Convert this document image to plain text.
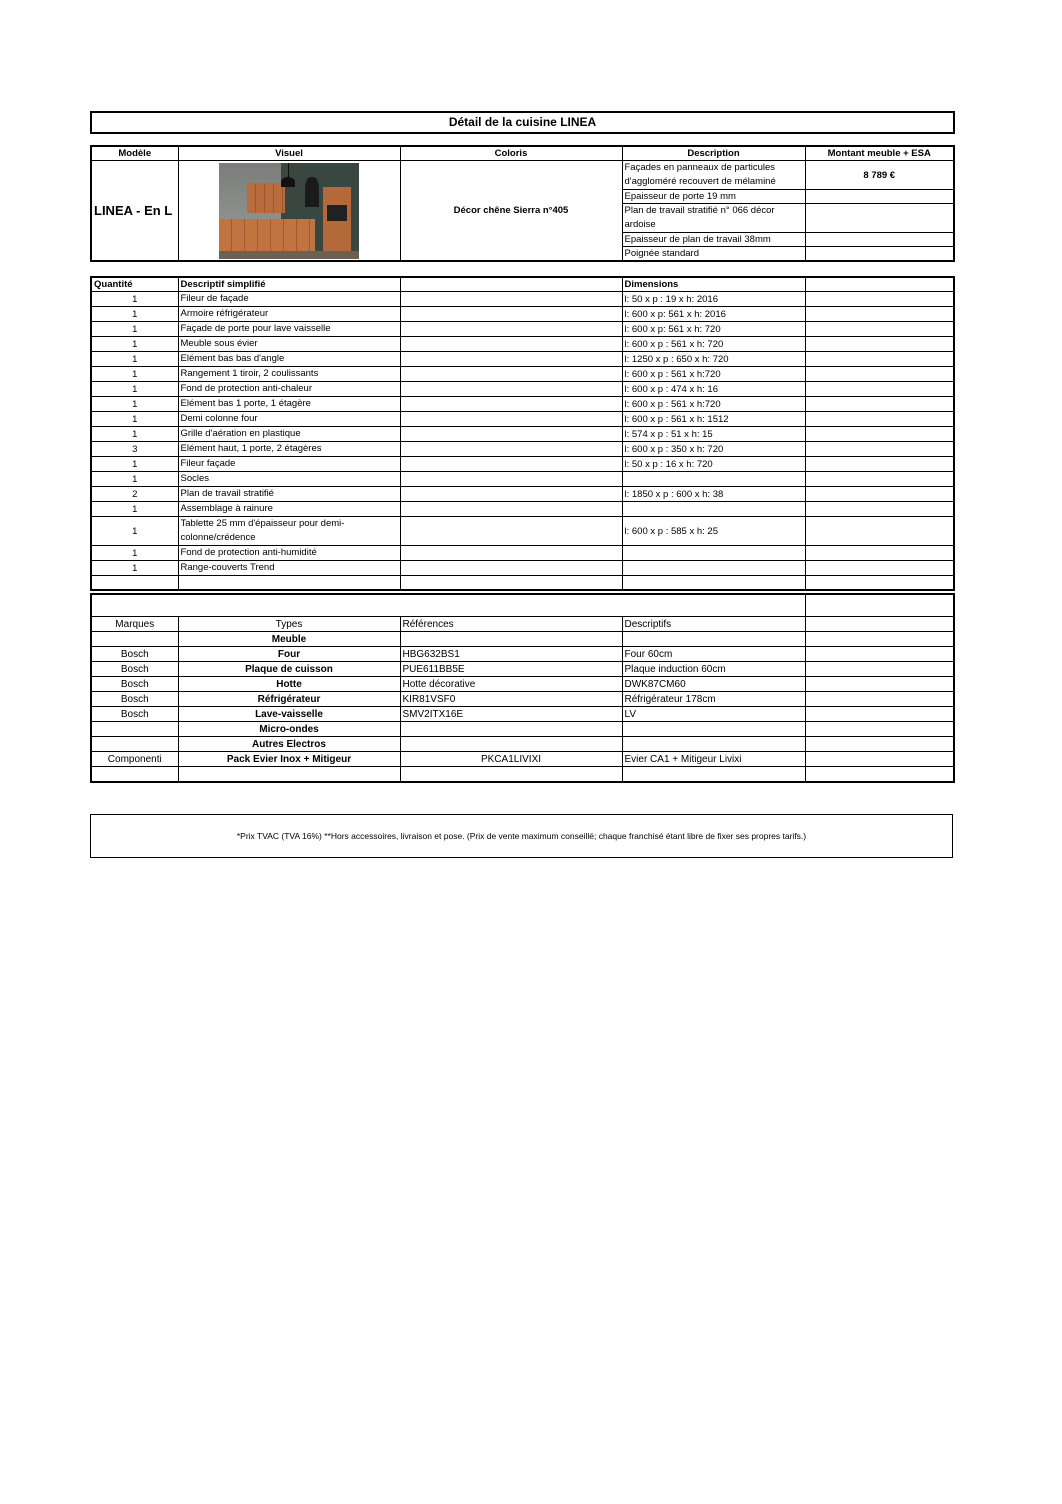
Détail de la cuisine LINEA
Modèle	Visuel	Coloris	Description	Montant meuble + ESA
LINEA - En L		Décor chêne Sierra n°405	Façades en panneaux de particules d'aggloméré recouvert de mélaminé	8 789 €
			Epaisseur de porte 19 mm	
			Plan de travail stratifié n° 066 décor ardoise	
			Epaisseur de plan de travail 38mm	
			Poignée standard	
Quantité	Descriptif simplifié		Dimensions	
1	Fileur de façade		l: 50 x p : 19 x h: 2016	
1	Armoire réfrigérateur		l: 600 x p: 561 x h: 2016	
1	Façade de porte pour lave vaisselle		l: 600 x p: 561 x h: 720	
1	Meuble sous évier		l: 600 x p : 561 x h: 720	
1	Elément bas bas d'angle		l: 1250 x p : 650 x h: 720	
1	Rangement 1 tiroir, 2 coulissants		l: 600 x p : 561 x h:720	
1	Fond de protection anti-chaleur		l: 600 x p : 474 x h: 16	
1	Elément bas 1 porte, 1 étagère		l: 600 x p : 561 x h:720	
1	Demi colonne four		l: 600 x p : 561 x h: 1512	
1	Grille d'aération en plastique		l: 574 x p : 51 x h: 15	
3	Elément haut, 1 porte, 2 étagères		l: 600 x p : 350 x h: 720	
1	Fileur façade		l: 50 x p : 16 x h: 720	
1	Socles			
2	Plan de travail stratifié		l: 1850 x p : 600 x h: 38	
1	Assemblage à rainure			
1	Tablette 25 mm d'épaisseur pour demi-colonne/crédence		l: 600 x p : 585 x h: 25	
1	Fond de protection anti-humidité			
1	Range-couverts Trend			

Marques	Types	Références	Descriptifs	
	Meuble			
Bosch	Four	HBG632BS1	Four 60cm	
Bosch	Plaque de cuisson	PUE611BB5E	Plaque induction 60cm	
Bosch	Hotte	Hotte décorative	DWK87CM60	
Bosch	Réfrigérateur	KIR81VSF0	Réfrigérateur 178cm	
Bosch	Lave-vaisselle	SMV2ITX16E	LV	
	Micro-ondes			
	Autres Electros			
Componenti	Pack Evier Inox + Mitigeur	PKCA1LIVIXI	Evier CA1 + Mitigeur Livixi	

*Prix TVAC (TVA 16%) **Hors accessoires, livraison et pose. (Prix de vente maximum conseillé; chaque franchisé étant libre de fixer ses propres tarifs.)
